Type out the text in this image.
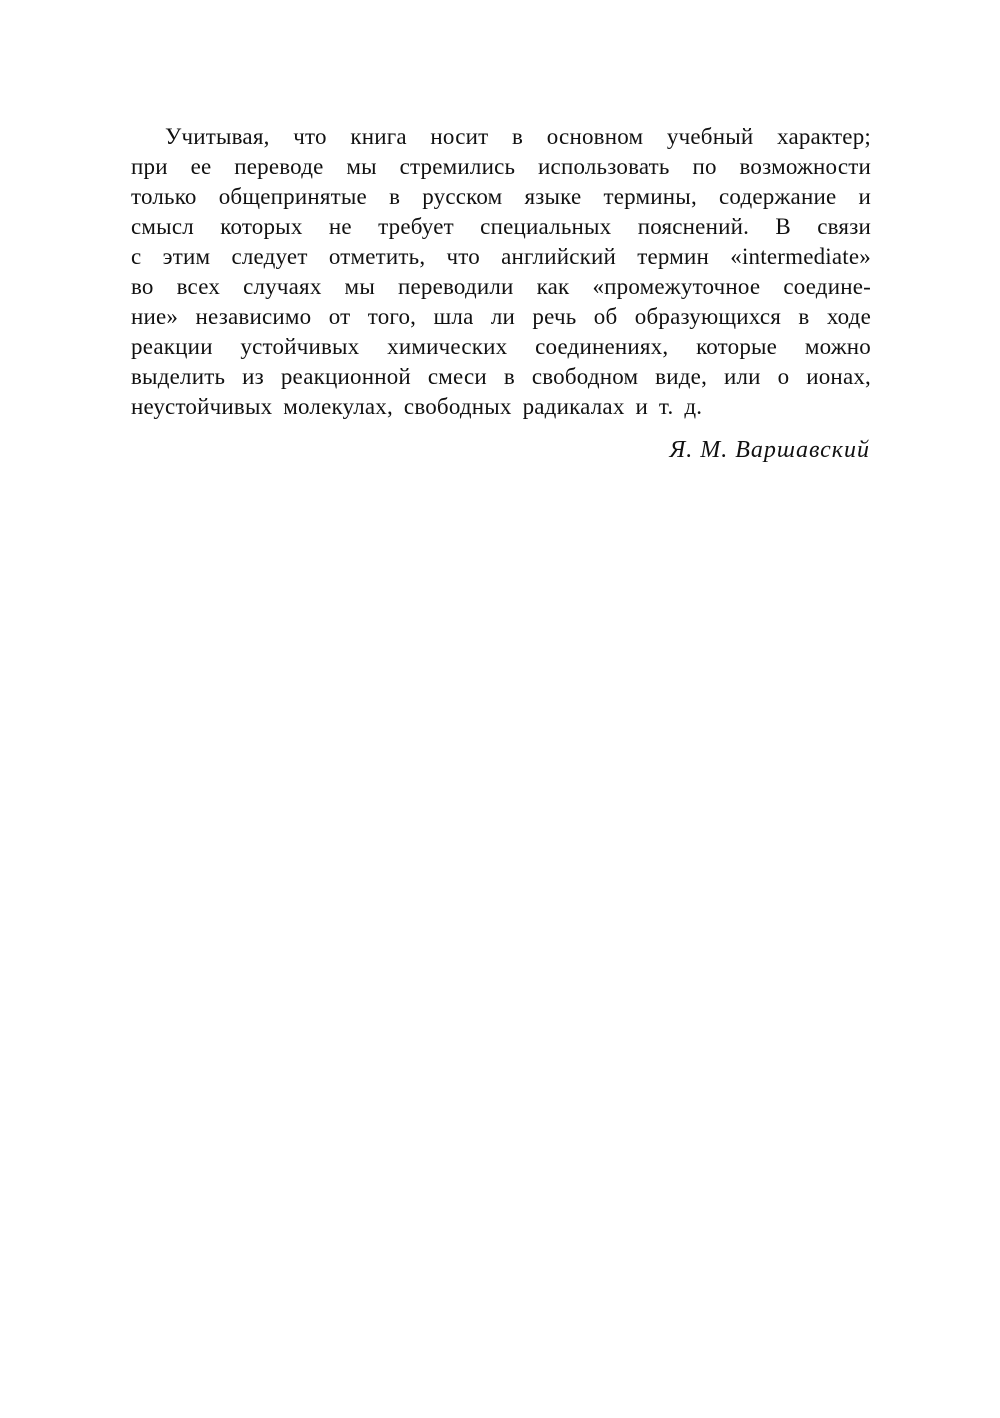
Учитывая, что книга носит в основном учебный характер;
при ее переводе мы стремились использовать по возможности
только общепринятые в русском языке термины, содержание и
смысл которых не требует специальных пояснений. В связи
с этим следует отметить, что английский термин «intermediate»
во всех случаях мы переводили как «промежуточное соедине-
ние» независимо от того, шла ли речь об образующихся в ходе
реакции устойчивых химических соединениях, которые можно
выделить из реакционной смеси в свободном виде, или о ионах,
неустойчивых молекулах, свободных радикалах и т. д.
Я. М. Варшавский
